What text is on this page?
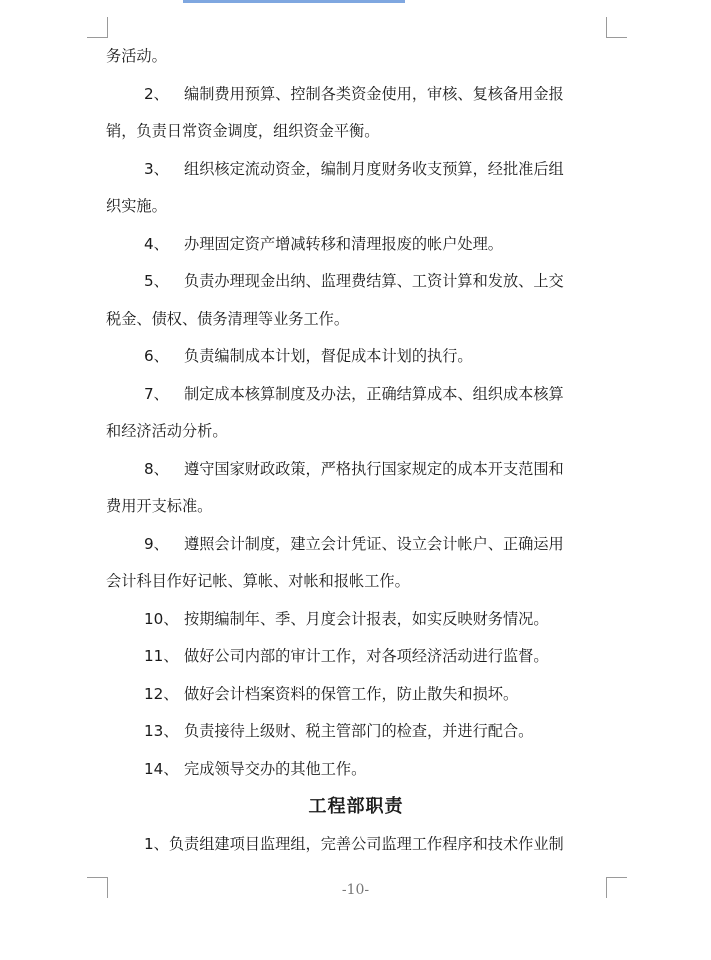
务活动。
2、 编制费用预算、控制各类资金使用，审核、复核备用金报
销，负责日常资金调度，组织资金平衡。
3、 组织核定流动资金，编制月度财务收支预算，经批准后组
织实施。
4、 办理固定资产增减转移和清理报废的帐户处理。
5、 负责办理现金出纳、监理费结算、工资计算和发放、上交
税金、债权、债务清理等业务工作。
6、 负责编制成本计划，督促成本计划的执行。
7、 制定成本核算制度及办法，正确结算成本、组织成本核算
和经济活动分析。
8、 遵守国家财政政策，严格执行国家规定的成本开支范围和
费用开支标准。
9、 遵照会计制度，建立会计凭证、设立会计帐户、正确运用
会计科目作好记帐、算帐、对帐和报帐工作。
10、 按期编制年、季、月度会计报表，如实反映财务情况。
11、 做好公司内部的审计工作，对各项经济活动进行监督。
12、 做好会计档案资料的保管工作，防止散失和损坏。
13、 负责接待上级财、税主管部门的检查，并进行配合。
14、 完成领导交办的其他工作。
工程部职责
1、负责组建项目监理组，完善公司监理工作程序和技术作业制
-10-
